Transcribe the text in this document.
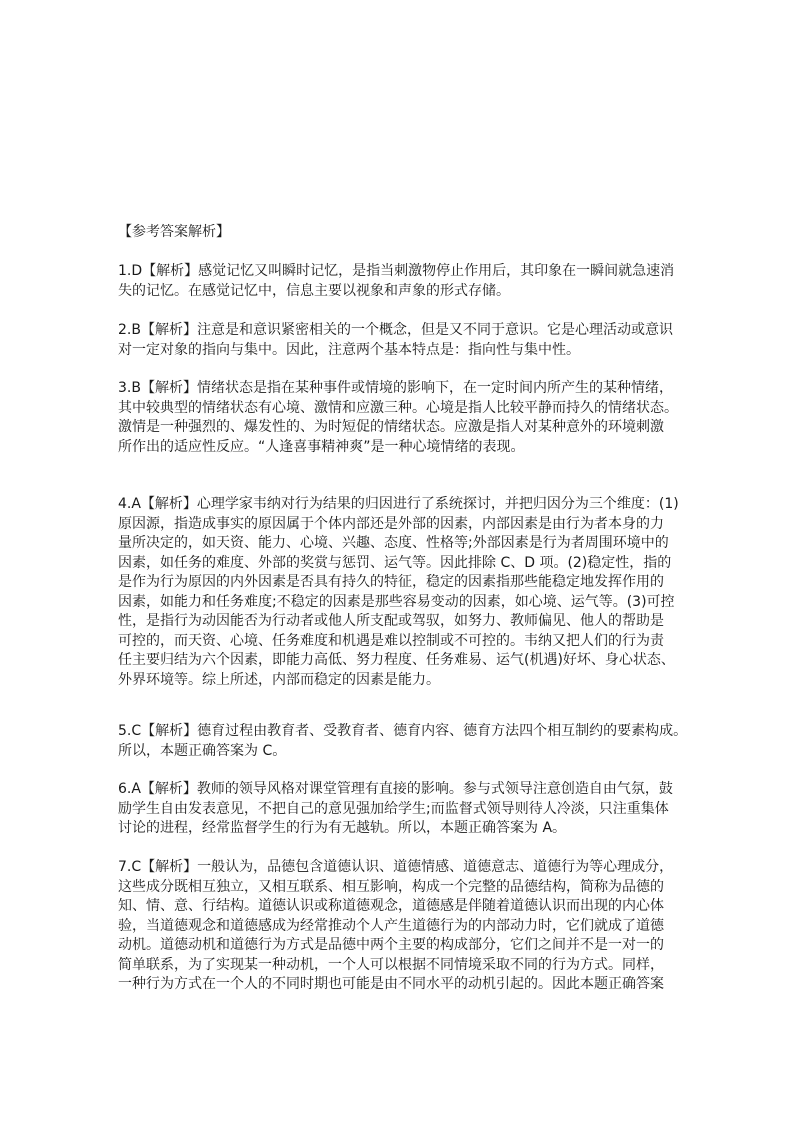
【参考答案解析】
1.D【解析】感觉记忆又叫瞬时记忆，是指当刺激物停止作用后，其印象在一瞬间就急速消
失的记忆。在感觉记忆中，信息主要以视象和声象的形式存储。
2.B【解析】注意是和意识紧密相关的一个概念，但是又不同于意识。它是心理活动或意识
对一定对象的指向与集中。因此，注意两个基本特点是：指向性与集中性。
3.B【解析】情绪状态是指在某种事件或情境的影响下，在一定时间内所产生的某种情绪，
其中较典型的情绪状态有心境、激情和应激三种。心境是指人比较平静而持久的情绪状态。
激情是一种强烈的、爆发性的、为时短促的情绪状态。应激是指人对某种意外的环境刺激
所作出的适应性反应。“人逢喜事精神爽”是一种心境情绪的表现。
4.A【解析】心理学家韦纳对行为结果的归因进行了系统探讨，并把归因分为三个维度：(1)
原因源，指造成事实的原因属于个体内部还是外部的因素，内部因素是由行为者本身的力
量所决定的，如天资、能力、心境、兴趣、态度、性格等;外部因素是行为者周围环境中的
因素，如任务的难度、外部的奖赏与惩罚、运气等。因此排除 C、D 项。(2)稳定性，指的
是作为行为原因的内外因素是否具有持久的特征，稳定的因素指那些能稳定地发挥作用的
因素，如能力和任务难度;不稳定的因素是那些容易变动的因素，如心境、运气等。(3)可控
性，是指行为动因能否为行动者或他人所支配或驾驭，如努力、教师偏见、他人的帮助是
可控的，而天资、心境、任务难度和机遇是难以控制或不可控的。韦纳又把人们的行为责
任主要归结为六个因素，即能力高低、努力程度、任务难易、运气(机遇)好坏、身心状态、
外界环境等。综上所述，内部而稳定的因素是能力。
5.C【解析】德育过程由教育者、受教育者、德育内容、德育方法四个相互制约的要素构成。
所以，本题正确答案为 C。
6.A【解析】教师的领导风格对课堂管理有直接的影响。参与式领导注意创造自由气氛，鼓
励学生自由发表意见，不把自己的意见强加给学生;而监督式领导则待人冷淡，只注重集体
讨论的进程，经常监督学生的行为有无越轨。所以，本题正确答案为 A。
7.C【解析】一般认为，品德包含道德认识、道德情感、道德意志、道德行为等心理成分，
这些成分既相互独立，又相互联系、相互影响，构成一个完整的品德结构，简称为品德的
知、情、意、行结构。道德认识或称道德观念，道德感是伴随着道德认识而出现的内心体
验，当道德观念和道德感成为经常推动个人产生道德行为的内部动力时，它们就成了道德
动机。道德动机和道德行为方式是品德中两个主要的构成部分，它们之间并不是一对一的
简单联系，为了实现某一种动机，一个人可以根据不同情境采取不同的行为方式。同样，
一种行为方式在一个人的不同时期也可能是由不同水平的动机引起的。因此本题正确答案
